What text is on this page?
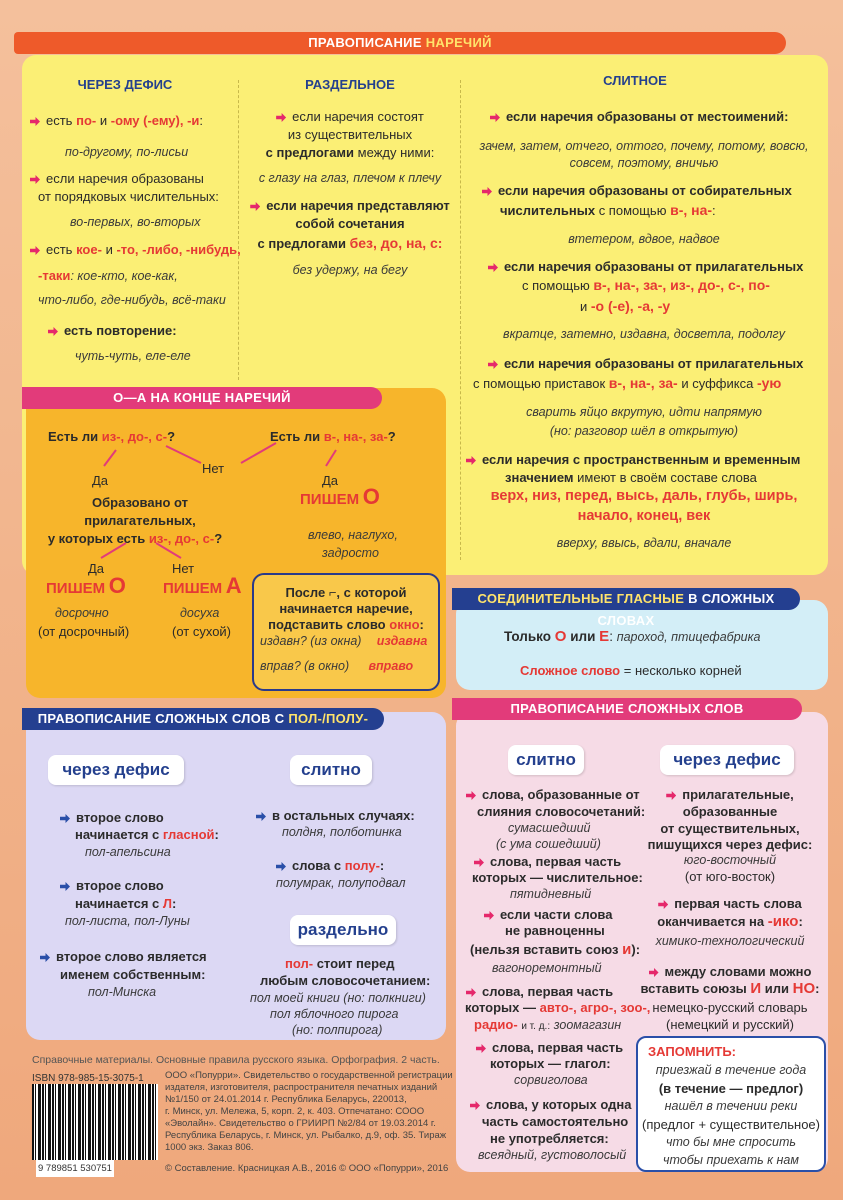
ПРАВОПИСАНИЕ НАРЕЧИЙ
ЧЕРЕЗ ДЕФИС
есть по- и -ому (-ему), -и:
по-другому, по-лисьи
если наречия образованы
от порядковых числительных:
во-первых, во-вторых
есть кое- и -то, -либо, -нибудь,
-таки: кое-кто, кое-как,
что-либо, где-нибудь, всё-таки
есть повторение:
чуть-чуть, еле-еле
РАЗДЕЛЬНОЕ
если наречия состоят
из существительных
с предлогами между ними:
с глазу на глаз, плечом к плечу
если наречия представляют
собой сочетания
с предлогами без, до, на, с:
без удержу, на бегу
СЛИТНОЕ
если наречия образованы от местоимений:
зачем, затем, отчего, оттого, почему, потому, вовсю,
совсем, поэтому, вничью
если наречия образованы от собирательных
числительных с помощью в-, на-:
втетером, вдвое, надвое
если наречия образованы от прилагательных
с помощью в-, на-, за-, из-, до-, с-, по-
и -о (-е), -а, -у
вкратце, затемно, издавна, досветла, подолгу
если наречия образованы от прилагательных
с помощью приставок в-, на-, за- и суффикса -ую
сварить яйцо вкрутую, идти напрямую
(но: разговор шёл в открытую)
если наречия с пространственным и временным
значением имеют в своём составе слова
верх, низ, перед, высь, даль, глубь, ширь,
начало, конец, век
вверху, ввысь, вдали, вначале
О—А НА КОНЦЕ НАРЕЧИЙ
Есть ли из-, до-, с-?	Есть ли в-, на-, за-?
Нет
Да	Да
Образовано от
прилагательных,
у которых есть из-, до-, с-?
ПИШЕМ О
влево, наглухо,
задросто
Да	Нет
ПИШЕМ О ПИШЕМ А
досрочно
(от досрочный)
досуха
(от сухой)
После ⌐, с которой
начинается наречие,
подставить слово окно:
издавн? (из окна) издавна
вправ? (в окно) вправо
СОЕДИНИТЕЛЬНЫЕ ГЛАСНЫЕ В СЛОЖНЫХ СЛОВАХ
Только О или Е: пароход, птицефабрика
Сложное слово = несколько корней
ПРАВОПИСАНИЕ СЛОЖНЫХ СЛОВ С ПОЛ-/ПОЛУ-
через дефис	слитно
второе слово
начинается с гласной:
пол-апельсина
второе слово
начинается с Л:
пол-листа, пол-Луны
второе слово является
именем собственным:
пол-Минска
в остальных случаях:
полдня, полботинка
слова с полу-:
полумрак, полуподвал
раздельно
пол- стоит перед
любым словосочетанием:
пол моей книги (но: полкниги)
пол яблочного пирога
(но: полпирога)
ПРАВОПИСАНИЕ СЛОЖНЫХ СЛОВ
слитно	через дефис
слова, образованные от
слияния словосочетаний:
сумасшедший
(с ума сошедший)
слова, первая часть
которых — числительное:
пятидневный
если части слова
не равноценны
(нельзя вставить союз и):
вагоноремонтный
слова, первая часть
которых — авто-, агро-, зоо-,
радио- и т. д.: зоомагазин
слова, первая часть
которых — глагол:
сорвиголова
слова, у которых одна
часть самостоятельно
не употребляется:
всеядный, густоволосый
прилагательные,
образованные
от существительных,
пишущихся через дефис:
юго-восточный
(от юго-восток)
первая часть слова
оканчивается на -ико:
химико-технологический
между словами можно
вставить союзы И или НО:
немецко-русский словарь
(немецкий и русский)
ЗАПОМНИТЬ:
приезжай в течение года
(в течение — предлог)
нашёл в течении реки
(предлог + существительное)
что бы мне спросить
чтобы приехать к нам
Справочные материалы. Основные правила русского языка. Орфография. 2 часть.
ISBN 978-985-15-3075-1
9 789851 530751
ООО «Попурри». Свидетельство о государственной регистрации
издателя, изготовителя, распространителя печатных изданий
№1/150 от 24.01.2014 г. Республика Беларусь, 220013,
г. Минск, ул. Мележа, 5, корп. 2, к. 403. Отпечатано: СООО
«Эволайн». Свидетельство о ГРИИРП №2/84 от 19.03.2014 г.
Республика Беларусь, г. Минск, ул. Рыбалко, д.9, оф. 35. Тираж
1000 экз. Заказ 806.
© Составление. Красницкая А.В., 2016 © ООО «Попурри», 2016
